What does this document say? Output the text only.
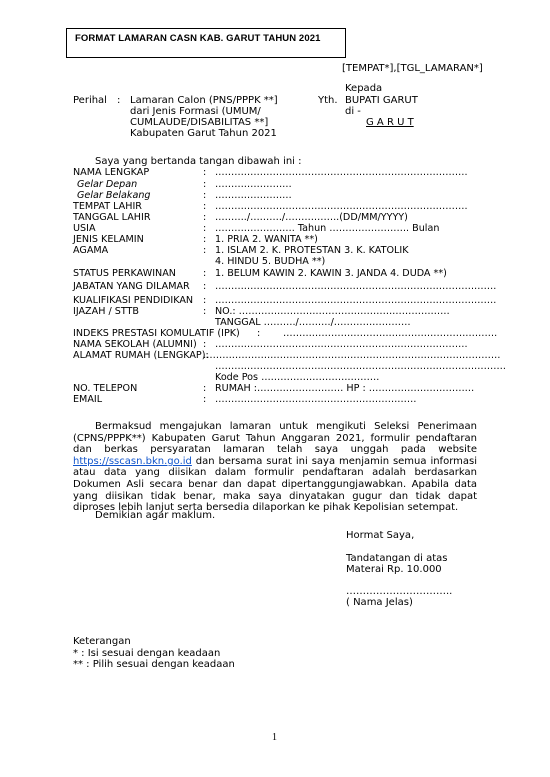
FORMAT LAMARAN CASN KAB. GARUT TAHUN 2021
[TEMPAT*],[TGL_LAMARAN*]
Kepada
Yth. BUPATI GARUT
di -
G A R U T
Perihal : Lamaran Calon (PNS/PPPK **]
dari Jenis Formasi (UMUM/
CUMLAUDE/DISABILITAS **]
Kabupaten Garut Tahun 2021
Saya yang bertanda tangan dibawah ini :
NAMA LENGKAP	: …………………………………………………………………….
Gelar Depan	: ……………………
Gelar Belakang	: ……………………
TEMPAT LAHIR	: …………………………………………………………………….
TANGGAL LAHIR	: ………./………./……………..(DD/MM/YYYY)
USIA	: ……………………. Tahun ……………………. Bulan
JENIS KELAMIN	: 1. PRIA 2. WANITA **)
AGAMA	: 1. ISLAM 2. K. PROTESTAN 3. K. KATOLIK
4. HINDU 5. BUDHA **)
STATUS PERKAWINAN	: 1. BELUM KAWIN 2. KAWIN 3. JANDA 4. DUDA **)
JABATAN YANG DILAMAR : …………………………………………………………………………….
KUALIFIKASI PENDIDIKAN : …………………………………………………………………………….
IJAZAH / STTB	: NO.: …………………………………………………………
TANGGAL ………./………./……………………
INDEKS PRESTASI KOMULATIF (IPK) : ………………………………………………………….
NAMA SEKOLAH (ALUMNI) : …………………………………………………………………….
ALAMAT RUMAH (LENGKAP):
…………………………………………………………………………………
……………………………………………………………………………….
Kode Pos ……………………………….
NO. TELEPON	: RUMAH :……………………… HP : ……………………………
EMAIL	: ………………………………………………………
Bermaksud mengajukan lamaran untuk mengikuti Seleksi Penerimaan (CPNS/PPPK**) Kabupaten Garut Tahun Anggaran 2021, formulir pendaftaran dan berkas persyaratan lamaran telah saya unggah pada website https://sscasn.bkn.go.id dan bersama surat ini saya menjamin semua informasi atau data yang diisikan dalam formulir pendaftaran adalah berdasarkan Dokumen Asli secara benar dan dapat dipertanggungjawabkan. Apabila data yang diisikan tidak benar, maka saya dinyatakan gugur dan tidak dapat diproses lebih lanjut serta bersedia dilaporkan ke pihak Kepolisian setempat.
Demikian agar maklum.
Hormat Saya,
Tandatangan di atas
Materai Rp. 10.000
…………………………..
( Nama Jelas)
Keterangan
* : Isi sesuai dengan keadaan
** : Pilih sesuai dengan keadaan
1
